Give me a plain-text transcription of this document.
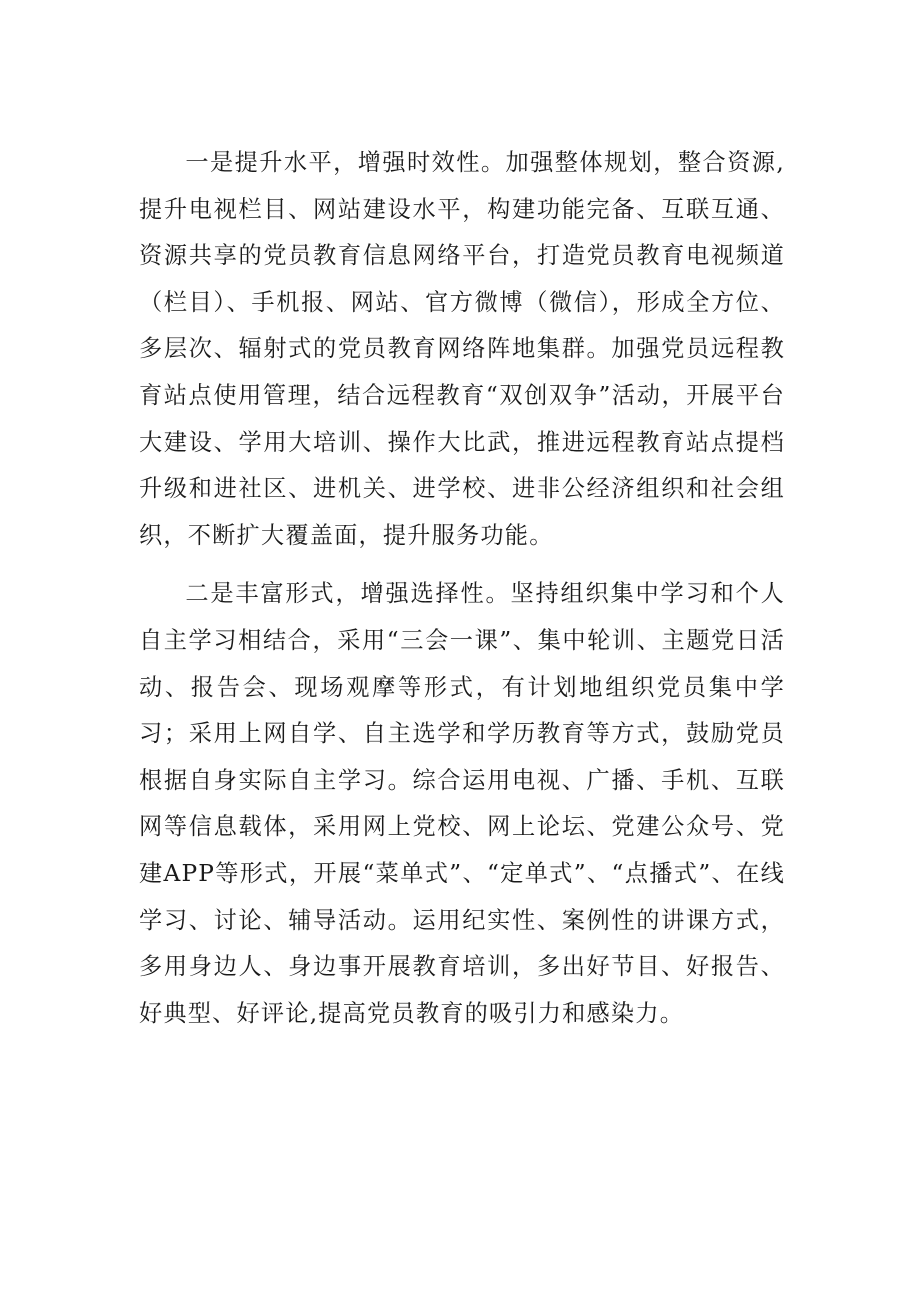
一是提升水平，增强时效性。加强整体规划，整合资源,提升电视栏目、网站建设水平，构建功能完备、互联互通、资源共享的党员教育信息网络平台，打造党员教育电视频道（栏目）、手机报、网站、官方微博（微信），形成全方位、多层次、辐射式的党员教育网络阵地集群。加强党员远程教育站点使用管理，结合远程教育“双创双争”活动，开展平台大建设、学用大培训、操作大比武，推进远程教育站点提档升级和进社区、进机关、进学校、进非公经济组织和社会组织，不断扩大覆盖面，提升服务功能。

二是丰富形式，增强选择性。坚持组织集中学习和个人自主学习相结合，采用“三会一课”、集中轮训、主题党日活动、报告会、现场观摩等形式，有计划地组织党员集中学习；采用上网自学、自主选学和学历教育等方式，鼓励党员根据自身实际自主学习。综合运用电视、广播、手机、互联网等信息载体，采用网上党校、网上论坛、党建公众号、党建APP等形式，开展“菜单式”、“定单式”、“点播式”、在线学习、讨论、辅导活动。运用纪实性、案例性的讲课方式，多用身边人、身边事开展教育培训，多出好节目、好报告、好典型、好评论,提高党员教育的吸引力和感染力。
